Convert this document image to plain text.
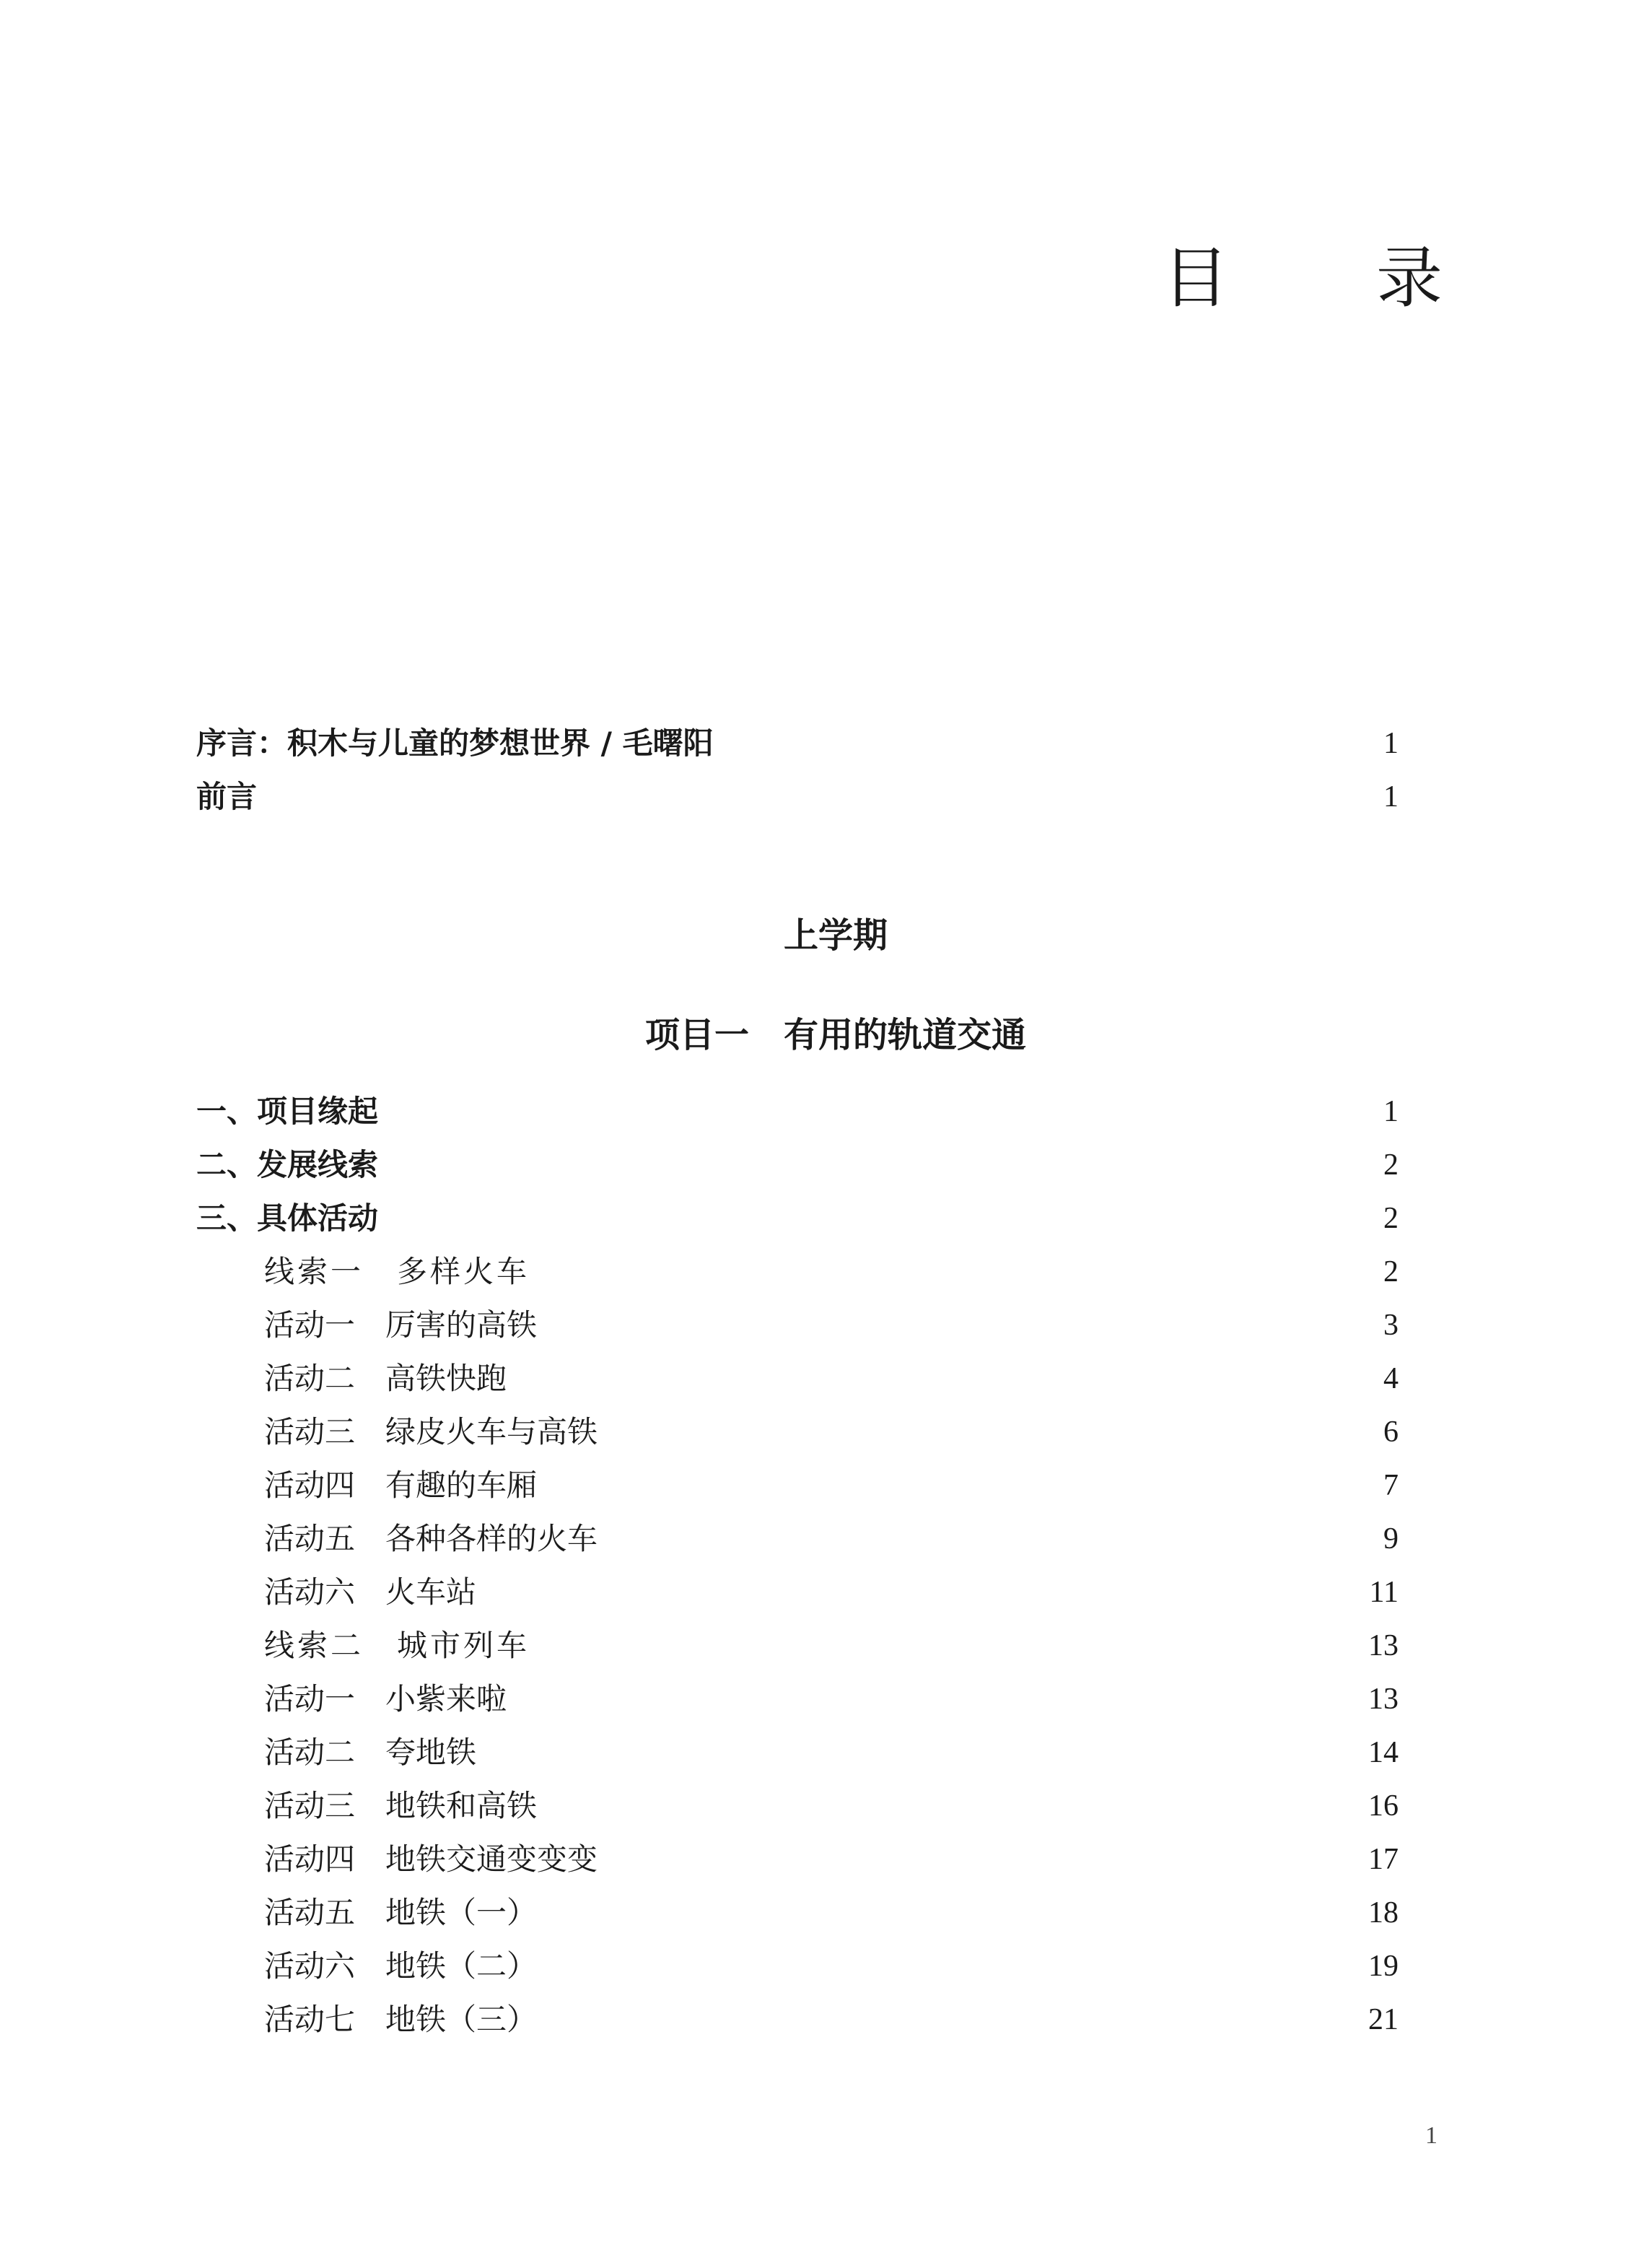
目　录
序言：积木与儿童的梦想世界 / 毛曙阳	1
前言	1
上学期
项目一　有用的轨道交通
一、项目缘起	1
二、发展线索	2
三、具体活动	2
线索一　多样火车	2
活动一　厉害的高铁	3
活动二　高铁快跑	4
活动三　绿皮火车与高铁	6
活动四　有趣的车厢	7
活动五　各种各样的火车	9
活动六　火车站	11
线索二　城市列车	13
活动一　小紫来啦	13
活动二　夸地铁	14
活动三　地铁和高铁	16
活动四　地铁交通变变变	17
活动五　地铁（一）	18
活动六　地铁（二）	19
活动七　地铁（三）	21
1
